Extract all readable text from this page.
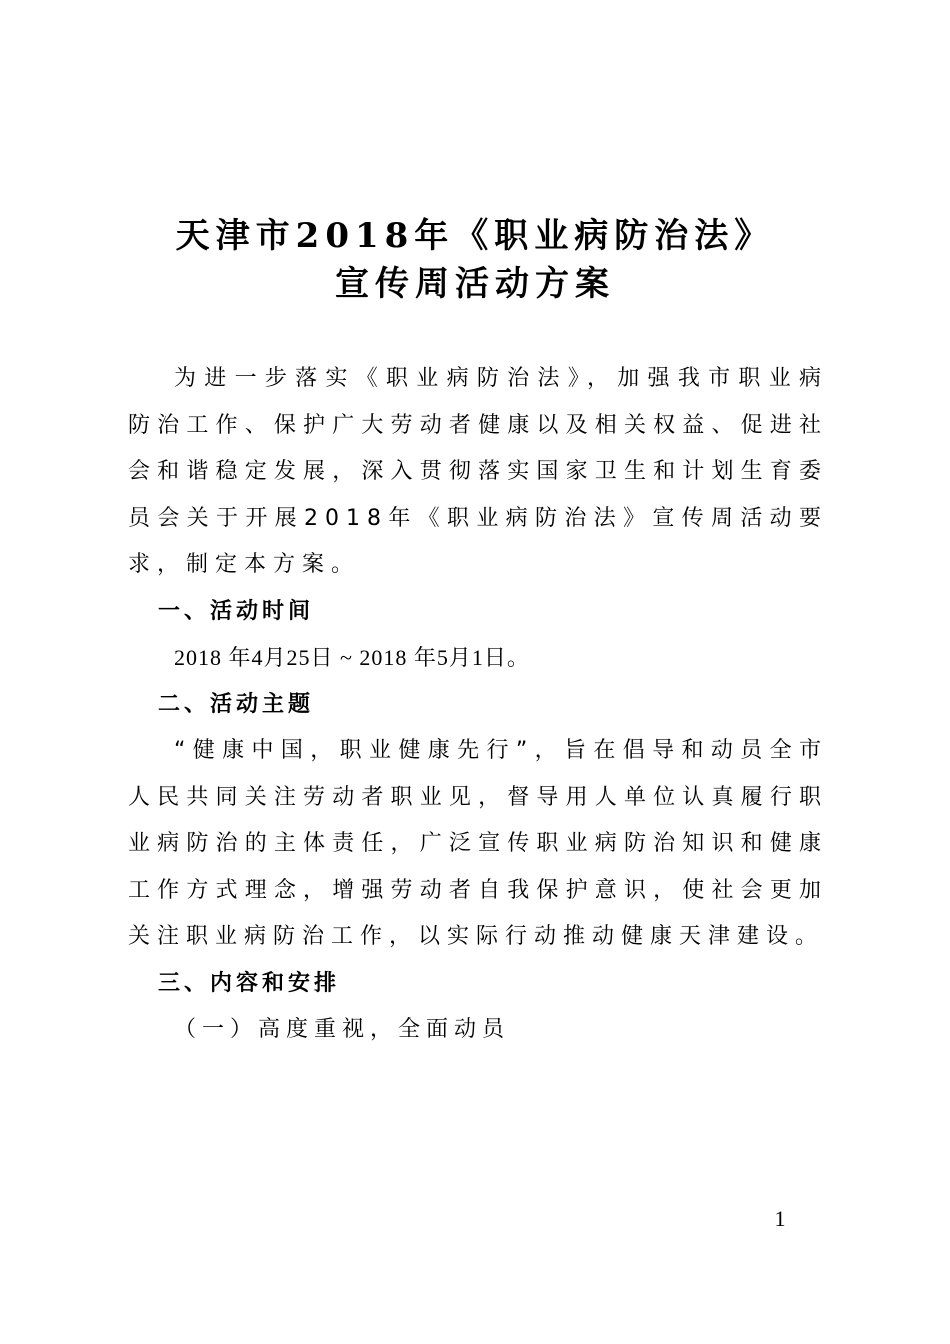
天津市2018年《职业病防治法》
宣传周活动方案

为进一步落实《职业病防治法》，加强我市职业病防治工作、保护广大劳动者健康以及相关权益、促进社会和谐稳定发展，深入贯彻落实国家卫生和计划生育委员会关于开展2018年《职业病防治法》宣传周活动要求，制定本方案。

一、活动时间

2018 年4月25日 ~ 2018 年5月1日。

二、活动主题

“健康中国，职业健康先行”，旨在倡导和动员全市人民共同关注劳动者职业见，督导用人单位认真履行职业病防治的主体责任，广泛宣传职业病防治知识和健康工作方式理念，增强劳动者自我保护意识，使社会更加关注职业病防治工作，以实际行动推动健康天津建设。

三、内容和安排

（一）高度重视，全面动员

1
